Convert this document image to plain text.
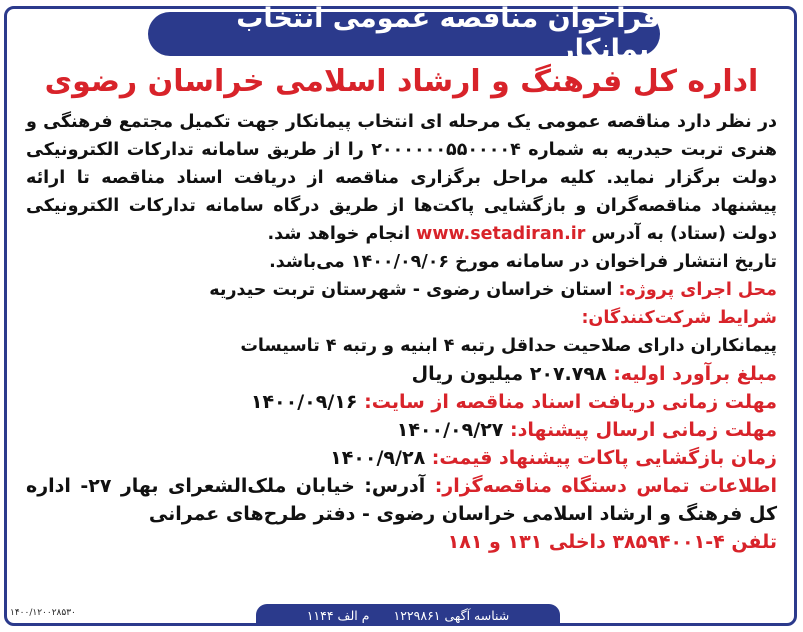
فراخوان مناقصه عمومی انتخاب پیمانکار
اداره کل فرهنگ و ارشاد اسلامی خراسان رضوی

در نظر دارد مناقصه عمومی یک مرحله ای انتخاب پیمانکار جهت تکمیل مجتمع فرهنگی و هنری تربت حیدریه به شماره ۲۰۰۰۰۰۰۵۵۰۰۰۰۴ را از طریق سامانه تدارکات الکترونیکی دولت برگزار نماید. کلیه مراحل برگزاری مناقصه از دریافت اسناد مناقصه تا ارائه پیشنهاد مناقصه‌گران و بازگشایی پاکت‌ها از طریق درگاه سامانه تدارکات الکترونیکی دولت (ستاد) به آدرس www.setadiran.ir انجام خواهد شد.

تاریخ انتشار فراخوان در سامانه مورخ ۱۴۰۰/۰۹/۰۶ می‌باشد.

محل اجرای پروژه: استان خراسان رضوی - شهرستان تربت حیدریه

شرایط شرکت‌کنندگان:

پیمانکاران دارای صلاحیت حداقل رتبه ۴ ابنیه و رتبه ۴ تاسیسات

مبلغ برآورد اولیه: ۲۰۷.۷۹۸ میلیون ریال

مهلت زمانی دریافت اسناد مناقصه از سایت: ۱۴۰۰/۰۹/۱۶

مهلت زمانی ارسال پیشنهاد: ۱۴۰۰/۰۹/۲۷

زمان بازگشایی پاکات پیشنهاد قیمت: ۱۴۰۰/۹/۲۸

اطلاعات تماس دستگاه مناقصه‌گزار: آدرس: خیابان ملک‌الشعرای بهار ۲۷- اداره کل فرهنگ و ارشاد اسلامی خراسان رضوی - دفتر طرح‌های عمرانی

تلفن ۴-۳۸۵۹۴۰۰۱ داخلی ۱۳۱ و ۱۸۱

شناسه آگهی ۱۲۲۹۸۶۱
م الف ۱۱۴۴
۱۴۰۰/۱۲۰۰۲۸۵۳۰
